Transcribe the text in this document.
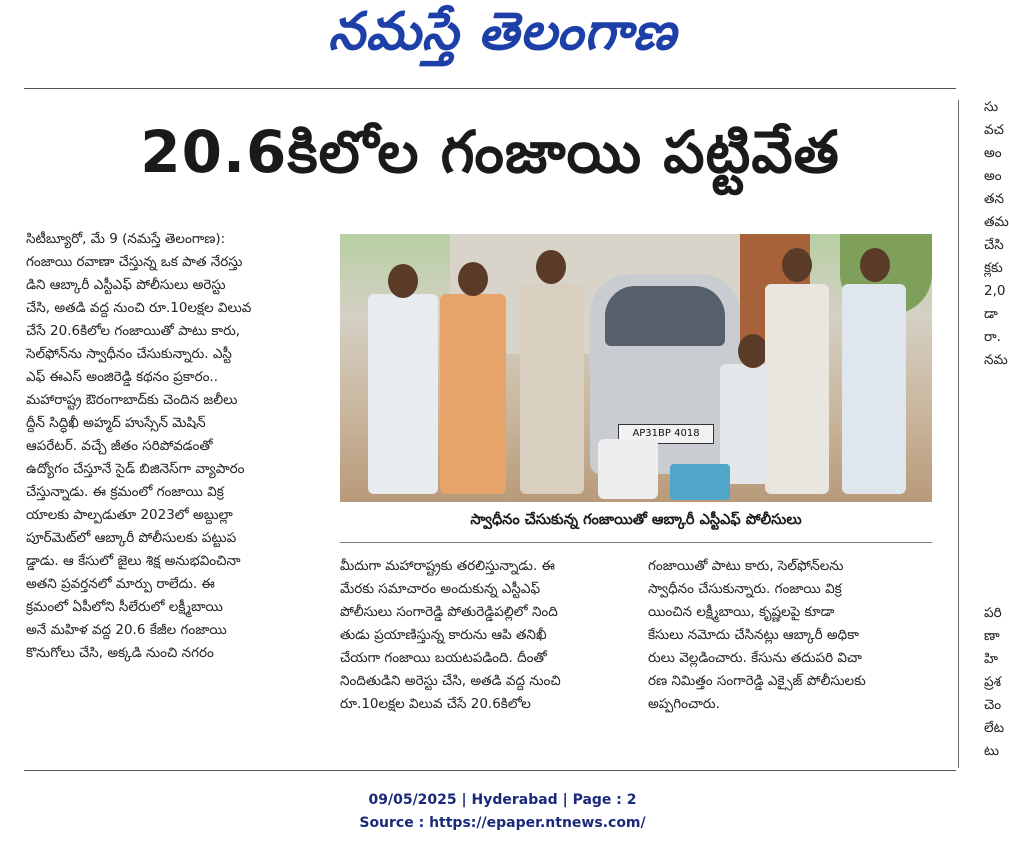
నమస్తే తెలంగాణ
20.6కిలోల గంజాయి పట్టివేత
సిటీబ్యూరో, మే 9 (నమస్తే తెలంగాణ):
గంజాయి రవాణా చేస్తున్న ఒక పాత నేరస్తు
డిని ఆబ్కారీ ఎస్టీఎఫ్ పోలీసులు అరెస్టు
చేసి, అతడి వద్ద నుంచి రూ.10లక్షల విలువ
చేసే 20.6కిలోల గంజాయితో పాటు కారు,
సెల్‌ఫోన్‌ను స్వాధీనం చేసుకున్నారు. ఎస్టీ
ఎఫ్ ఈఎస్ అంజిరెడ్డి కథనం ప్రకారం..
మహారాష్ట్ర ఔరంగాబాద్‌కు చెందిన జలీలు
ద్దీన్ సిద్ధిఖీ అహ్మద్ హుస్సేన్ మెషిన్
ఆపరేటర్. వచ్చే జీతం సరిపోవడంతో
ఉద్యోగం చేస్తూనే సైడ్ బిజినెస్‌గా వ్యాపారం
చేస్తున్నాడు. ఈ క్రమంలో గంజాయి విక్ర
యాలకు పాల్పడుతూ 2023లో అబ్దుల్లా
పూర్‌మెట్‌లో ఆబ్కారీ పోలీసులకు పట్టుప
డ్డాడు. ఆ కేసులో జైలు శిక్ష అనుభవించినా
అతని ప్రవర్తనలో మార్పు రాలేదు. ఈ
క్రమంలో ఏపీలోని సీలేరులో లక్ష్మీబాయి
అనే మహిళ వద్ద 20.6 కేజీల గంజాయి
కొనుగోలు చేసి, అక్కడి నుంచి నగరం
AP31BP 4018
స్వాధీనం చేసుకున్న గంజాయితో ఆబ్కారీ ఎస్టీఎఫ్ పోలీసులు
మీదుగా మహారాష్ట్రకు తరలిస్తున్నాడు. ఈ
మేరకు సమాచారం అందుకున్న ఎస్టీఎఫ్
పోలీసులు సంగారెడ్డి పోతురెడ్డిపల్లిలో నింది
తుడు ప్రయాణిస్తున్న కారును ఆపి తనిఖీ
చేయగా గంజాయి బయటపడింది. దీంతో
నిందితుడిని అరెస్టు చేసి, అతడి వద్ద నుంచి
రూ.10లక్షల విలువ చేసే 20.6కిలోల
గంజాయితో పాటు కారు, సెల్‌ఫోన్‌లను
స్వాధీనం చేసుకున్నారు. గంజాయి విక్ర
యించిన లక్ష్మీబాయి, కృష్ణలపై కూడా
కేసులు నమోదు చేసినట్లు ఆబ్కారీ అధికా
రులు వెల్లడించారు. కేసును తదుపరి విచా
రణ నిమిత్తం సంగారెడ్డి ఎక్సైజ్ పోలీసులకు
అప్పగించారు.
సు
వచ
అం
అం
తన
తమ
చేసి
క్లకు
2,0
డా
రా.
నమ
పరి
ణా
హి
ప్రశ
చెం
లేట
టు
09/05/2025 | Hyderabad | Page : 2
Source : https://epaper.ntnews.com/
